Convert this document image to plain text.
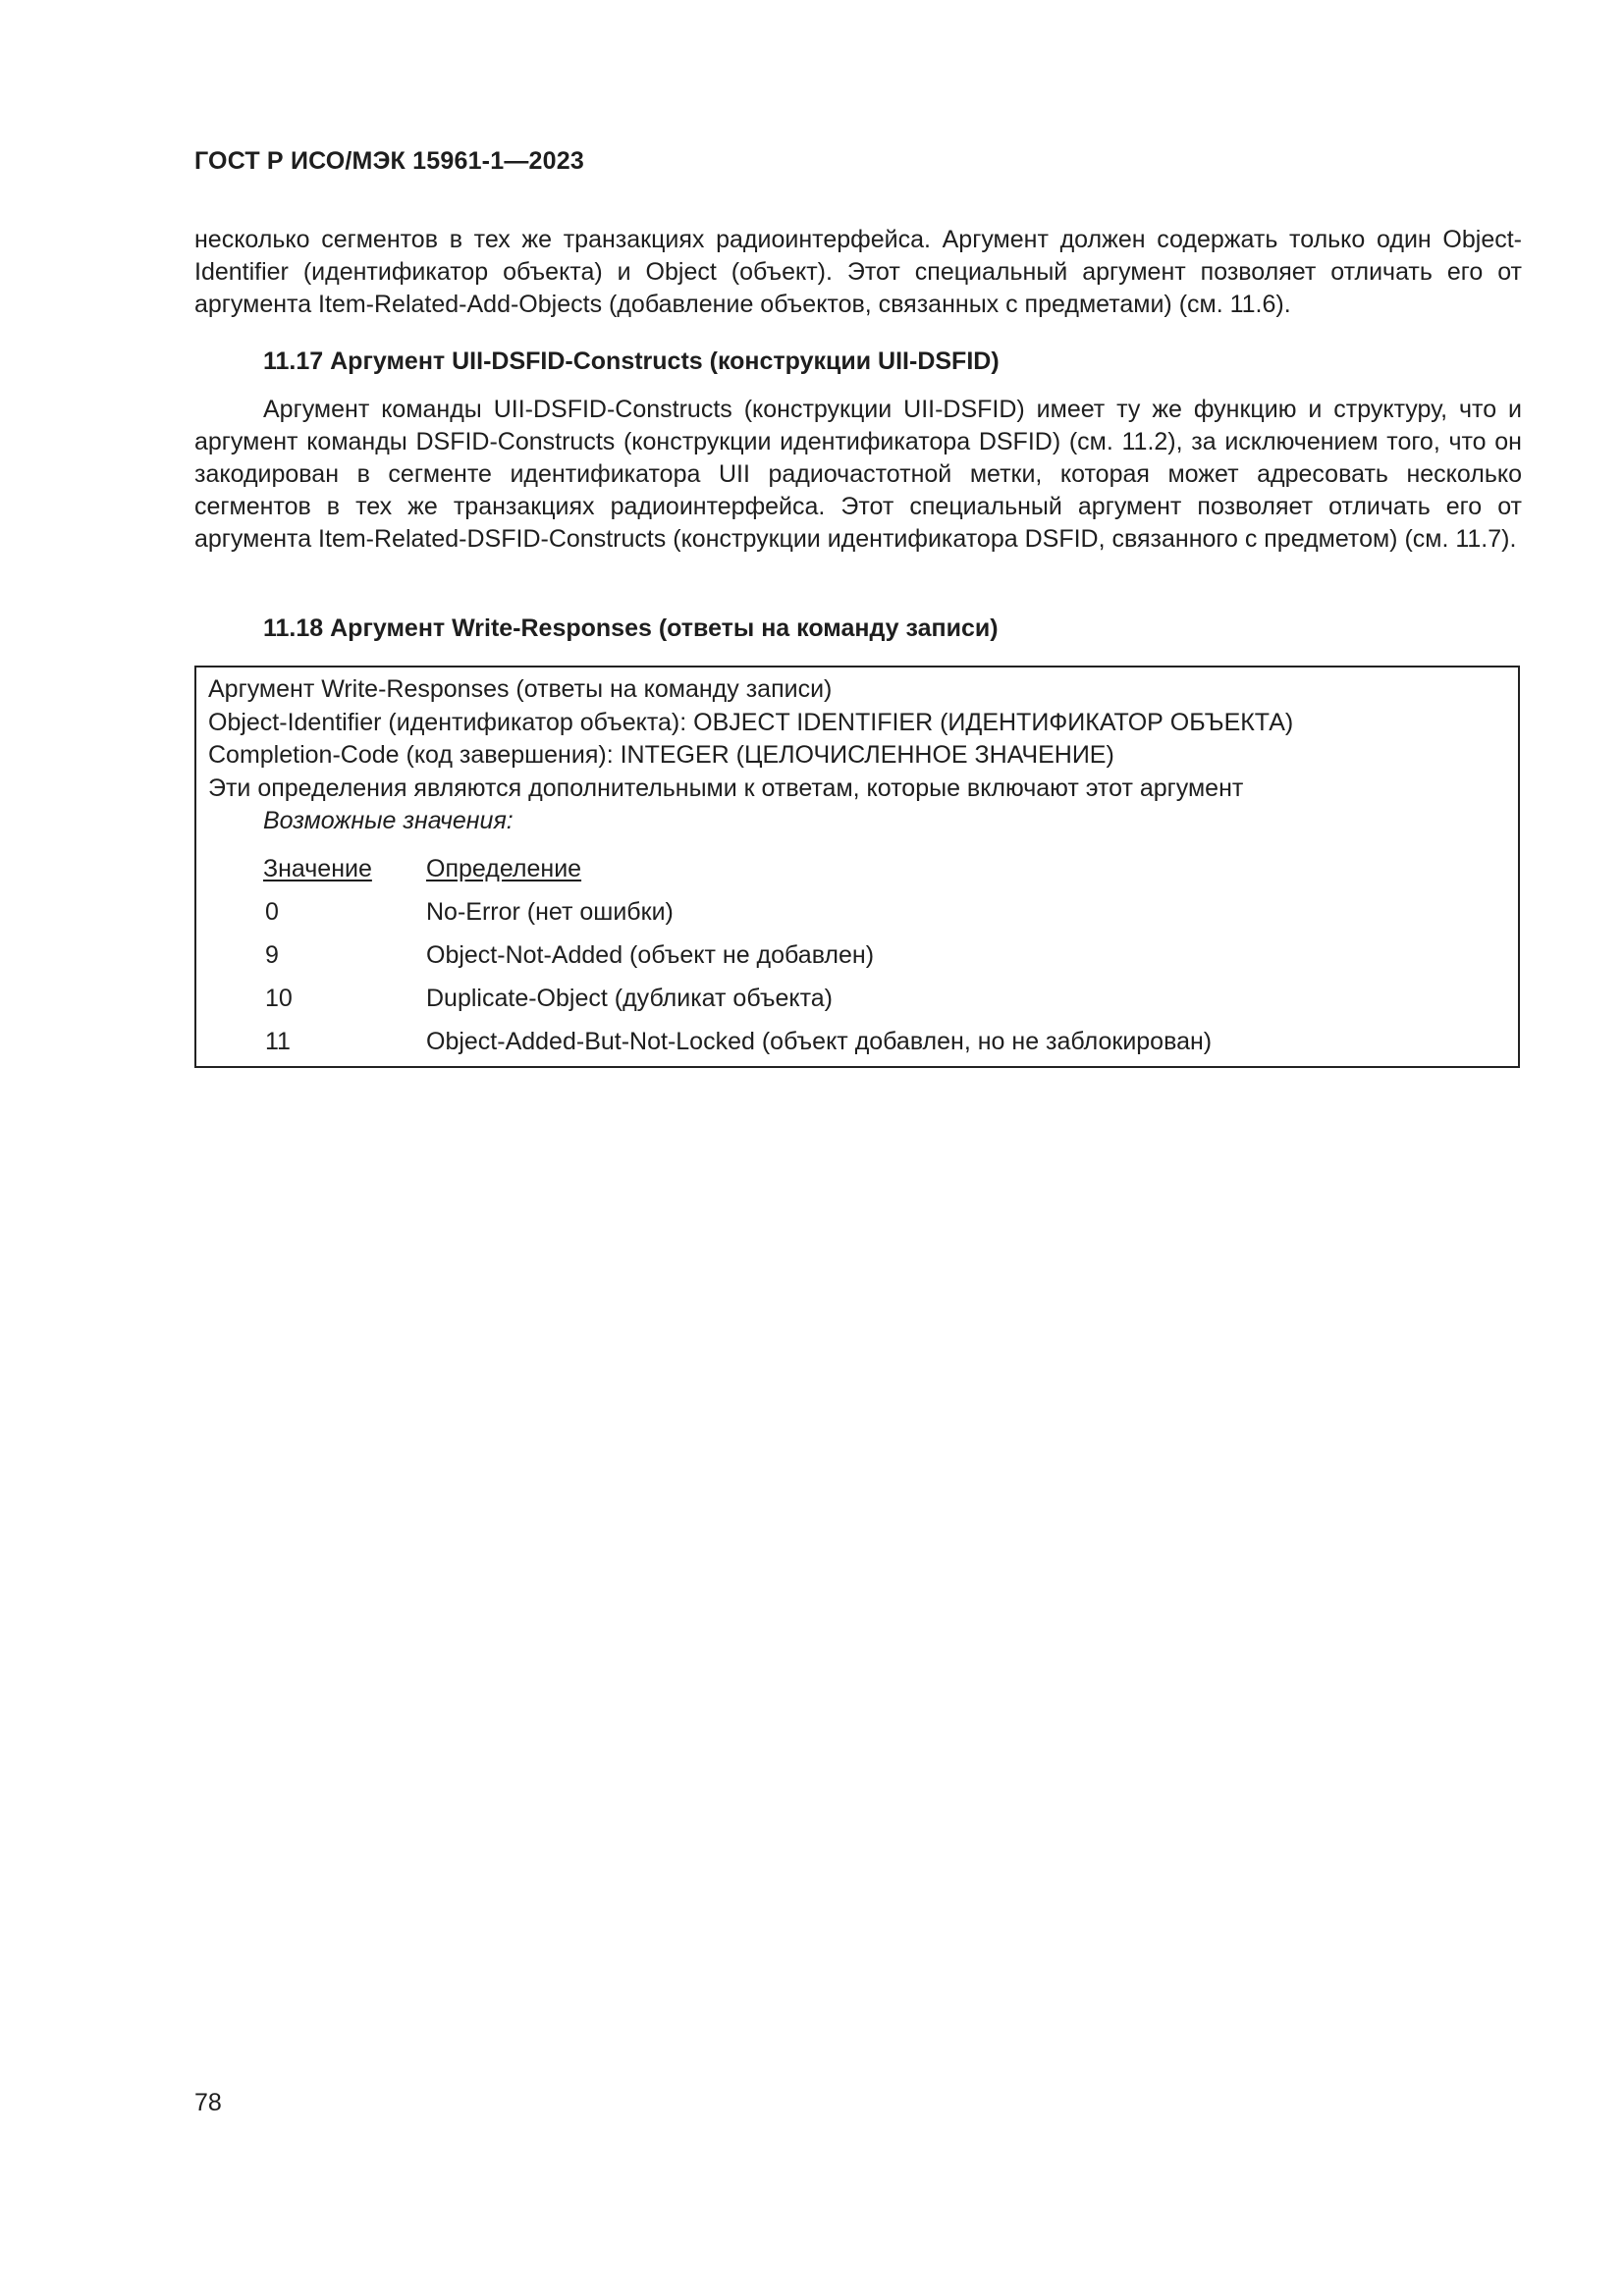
ГОСТ Р ИСО/МЭК 15961-1—2023

несколько сегментов в тех же транзакциях радиоинтерфейса. Аргумент должен содержать только один Object-Identifier (идентификатор объекта) и Object (объект). Этот специальный аргумент позволяет отличать его от аргумента Item-Related-Add-Objects (добавление объектов, связанных с предметами) (см. 11.6).

11.17 Аргумент UII-DSFID-Constructs (конструкции UII-DSFID)

Аргумент команды UII-DSFID-Constructs (конструкции UII-DSFID) имеет ту же функцию и структуру, что и аргумент команды DSFID-Constructs (конструкции идентификатора DSFID) (см. 11.2), за исключением того, что он закодирован в сегменте идентификатора UII радиочастотной метки, которая может адресовать несколько сегментов в тех же транзакциях радиоинтерфейса. Этот специальный аргумент позволяет отличать его от аргумента Item-Related-DSFID-Constructs (конструкции идентификатора DSFID, связанного с предметом) (см. 11.7).

11.18 Аргумент Write-Responses (ответы на команду записи)
Аргумент Write-Responses (ответы на команду записи)
Object-Identifier (идентификатор объекта): OBJECT IDENTIFIER (ИДЕНТИФИКАТОР ОБЪЕКТА)
Completion-Code (код завершения): INTEGER (ЦЕЛОЧИСЛЕННОЕ ЗНАЧЕНИЕ)
Эти определения являются дополнительными к ответам, которые включают этот аргумент
Возможные значения:
Значение	Определение
0	No-Error (нет ошибки)
9	Object-Not-Added (объект не добавлен)
10	Duplicate-Object (дубликат объекта)
11	Object-Added-But-Not-Locked (объект добавлен, но не заблокирован)
78
